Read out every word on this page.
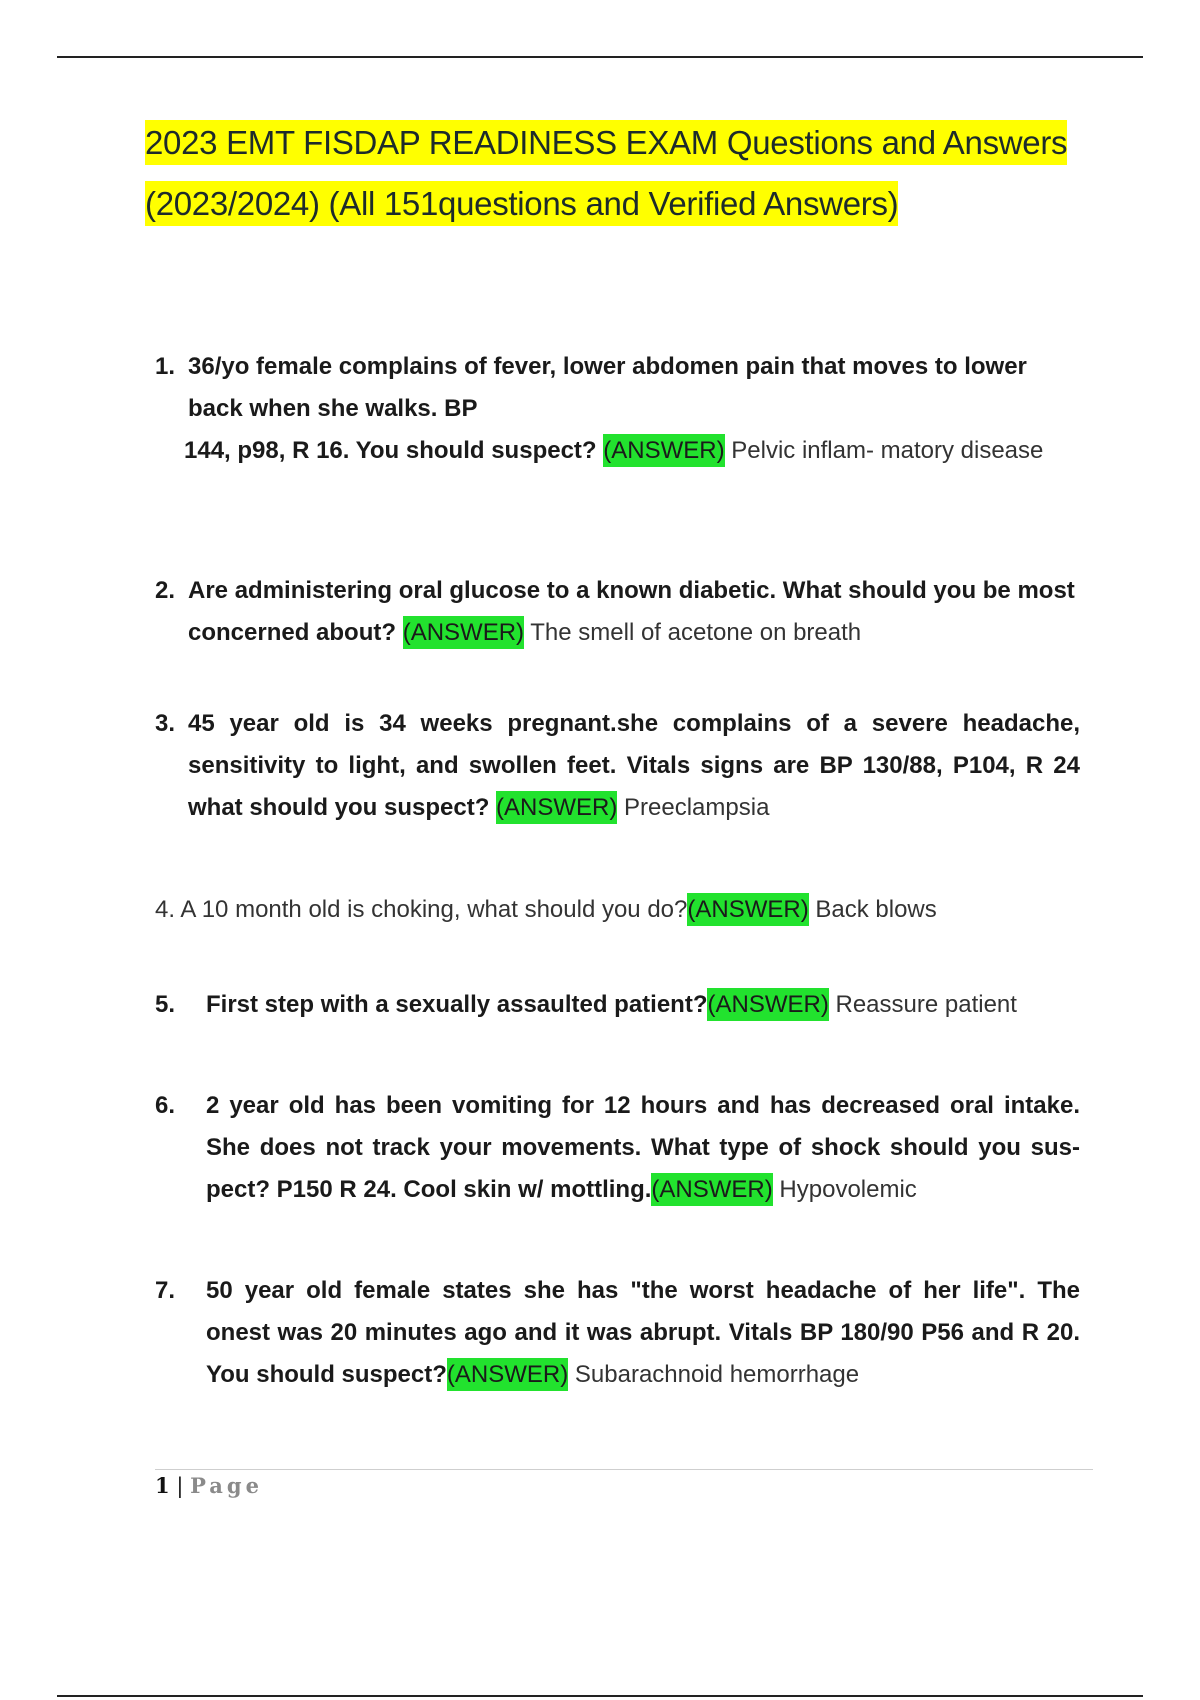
2023 EMT FISDAP READINESS EXAM Questions and Answers
(2023/2024) (All 151questions and Verified Answers)
1. 36/yo female complains of fever, lower abdomen pain that moves to lower back when she walks. BP
144, p98, R 16. You should suspect? (ANSWER) Pelvic inflam- matory disease
2. Are administering oral glucose to a known diabetic. What should you be most concerned about? (ANSWER) The smell of acetone on breath
3. 45 year old is 34 weeks pregnant.she complains of a severe headache, sensitivity to light, and swollen feet. Vitals signs are BP 130/88, P104, R 24 what should you suspect? (ANSWER) Preeclampsia
4. A 10 month old is choking, what should you do?(ANSWER) Back blows
5. First step with a sexually assaulted patient?(ANSWER) Reassure patient
6. 2 year old has been vomiting for 12 hours and has decreased oral intake. She does not track your movements. What type of shock should you sus- pect? P150 R 24. Cool skin w/ mottling.(ANSWER) Hypovolemic
7. 50 year old female states she has "the worst headache of her life". The onest was 20 minutes ago and it was abrupt. Vitals BP 180/90 P56 and R 20. You should suspect?(ANSWER) Subarachnoid hemorrhage
1 | Page
